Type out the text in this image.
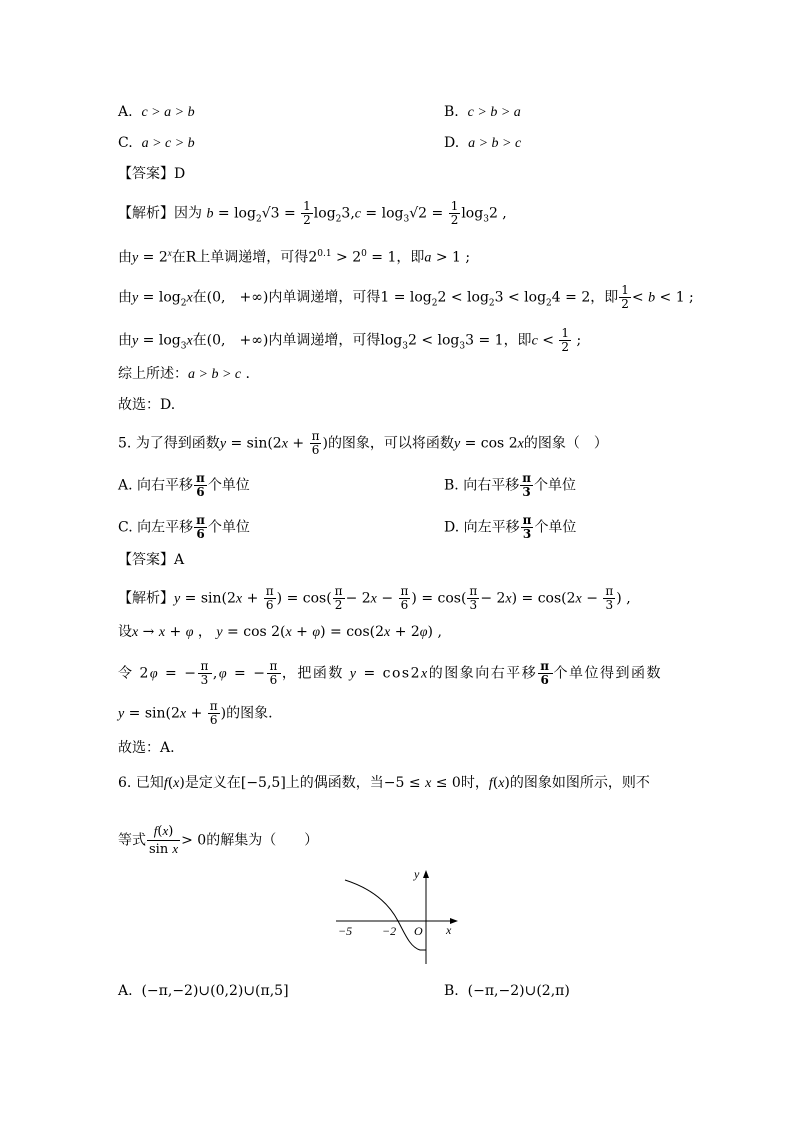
A. c > a > b	B. c > b > a
C. a > c > b	D. a > b > c
【答案】D
【解析】因为 $b = \log_2√3 = \frac{1}{2} \log_23,c = \log_3√2 = \frac{1}{2} \log_32$ ,
由$y = 2^x$在R上单调递增，可得$2^{0.1} > 2^0 = 1$，即a > 1 ;
由$y = \log_2x$在(0,　+∞)内单调递增，可得$1 = \log_22 < \log_23 < \log_24 = 2$，即 $\frac{1}{2} < b < 1$ ;
由$y = \log_3x$在(0,　+∞)内单调递增，可得$\log_32 < \log_33 = 1$，即$c < \frac{1}{2}$ ;
综上所述：a > b > c .
故选：D.
5. 为了得到函数$y = \sin(2x + \frac{\pi}{6}$ )的图象，可以将函数y = cos 2x的图象（　）
A. 向右平移 $\frac{\pi}{6}$ 个单位	B. 向右平移 $\frac{\pi}{3}$ 个单位
C. 向左平移 $\frac{\pi}{6}$ 个单位	D. 向左平移 $\frac{\pi}{3}$ 个单位
【答案】A
【解析】$y = \sin(2x + \frac{\pi}{6}$ ) = $\cos( \frac{\pi}{2} - 2x - \frac{\pi}{6}$ ) = $\cos( \frac{\pi}{3} - 2x) = \cos(2x - \frac{\pi}{3}$ ) ,
设x → x + φ ， y = cos 2(x + φ) = cos(2x + 2φ) ,
令 2φ = − $\frac{\pi}{3} ,\varphi$ = − $\frac{\pi}{6}$ ，把函数 y = cos2x的图象向右平移 $\frac{\pi}{6}$ 个单位得到函数
$y = \sin(2x + \frac{\pi}{6}$ )的图象.
故选：A.
6. 已知f(x)是定义在[−5,5]上的偶函数，当−5 ≤ x ≤ 0时，f(x)的图象如图所示，则不
等式 $\frac{f(x)}{\text{sin x}} > 0$的解集为（　　）
y
x
O
−5 −2
A. (−π,−2)∪(0,2)∪(π,5]	B. (−π,−2)∪(2,π)
